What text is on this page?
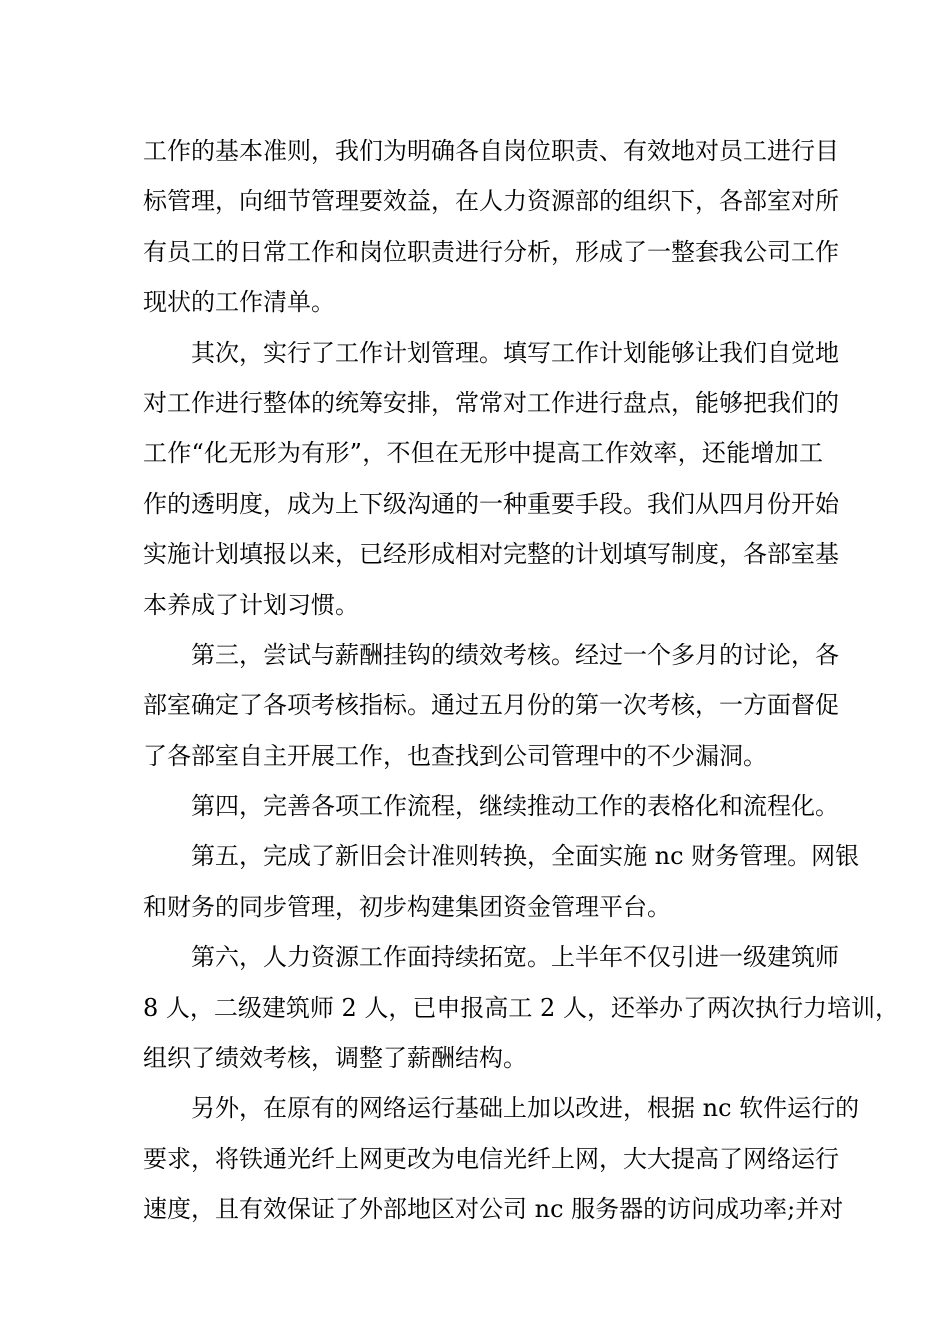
工作的基本准则，我们为明确各自岗位职责、有效地对员工进行目
标管理，向细节管理要效益，在人力资源部的组织下，各部室对所
有员工的日常工作和岗位职责进行分析，形成了一整套我公司工作
现状的工作清单。
其次，实行了工作计划管理。填写工作计划能够让我们自觉地
对工作进行整体的统筹安排，常常对工作进行盘点，能够把我们的
工作“化无形为有形”，不但在无形中提高工作效率，还能增加工
作的透明度，成为上下级沟通的一种重要手段。我们从四月份开始
实施计划填报以来，已经形成相对完整的计划填写制度，各部室基
本养成了计划习惯。
第三，尝试与薪酬挂钩的绩效考核。经过一个多月的讨论，各
部室确定了各项考核指标。通过五月份的第一次考核，一方面督促
了各部室自主开展工作，也查找到公司管理中的不少漏洞。
第四，完善各项工作流程，继续推动工作的表格化和流程化。
第五，完成了新旧会计准则转换，全面实施 nc 财务管理。网银
和财务的同步管理，初步构建集团资金管理平台。
第六，人力资源工作面持续拓宽。上半年不仅引进一级建筑师
8 人，二级建筑师 2 人，已申报高工 2 人，还举办了两次执行力培训，
组织了绩效考核，调整了薪酬结构。
另外，在原有的网络运行基础上加以改进，根据 nc 软件运行的
要求，将铁通光纤上网更改为电信光纤上网，大大提高了网络运行
速度，且有效保证了外部地区对公司 nc 服务器的访问成功率;并对
